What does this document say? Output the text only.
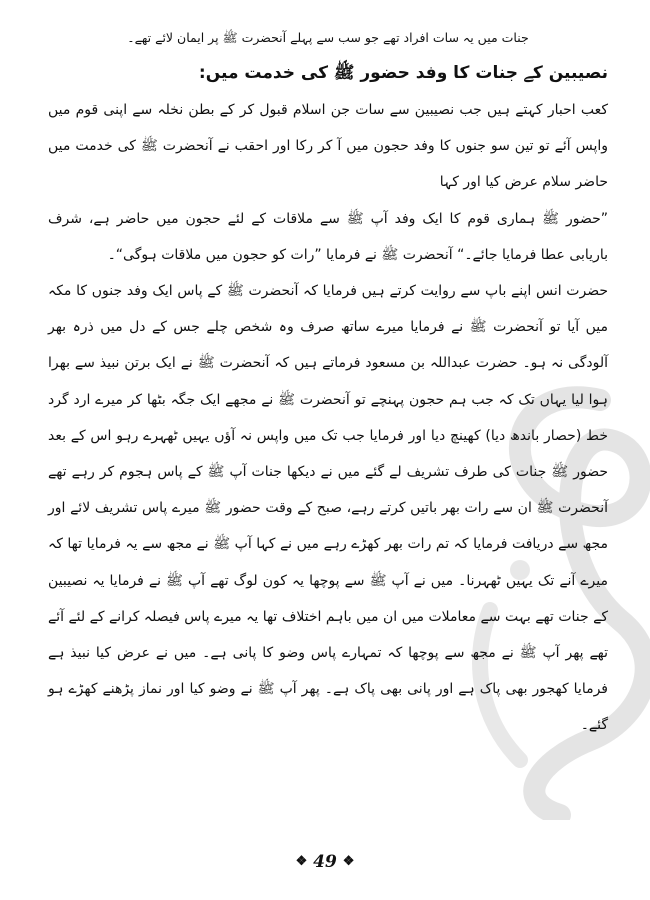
جنات میں یہ سات افراد تھے جو سب سے پہلے آنحضرت ﷺ پر ایمان لائے تھے۔

نصیبین کے جنات کا وفد حضور ﷺ کی خدمت میں:

کعب احبار کہتے ہیں جب نصیبین سے سات جن اسلام قبول کر کے بطن نخلہ سے اپنی قوم میں واپس آئے تو تین سو جنوں کا وفد حجون میں آ کر رکا اور احقب نے آنحضرت ﷺ کی خدمت میں حاضر سلام عرض کیا اور کہا

”حضور ﷺ ہماری قوم کا ایک وفد آپ ﷺ سے ملاقات کے لئے حجون میں حاضر ہے، شرف باریابی عطا فرمایا جائے۔“ آنحضرت ﷺ نے فرمایا ”رات کو حجون میں ملاقات ہوگی“۔

حضرت انس اپنے باپ سے روایت کرتے ہیں فرمایا کہ آنحضرت ﷺ کے پاس ایک وفد جنوں کا مکہ میں آیا تو آنحضرت ﷺ نے فرمایا میرے ساتھ صرف وہ شخص چلے جس کے دل میں ذرہ بھر آلودگی نہ ہو۔ حضرت عبداللہ بن مسعود فرماتے ہیں کہ آنحضرت ﷺ نے ایک برتن نبیذ سے بھرا ہوا لیا یہاں تک کہ جب ہم حجون پہنچے تو آنحضرت ﷺ نے مجھے ایک جگہ بٹھا کر میرے ارد گرد خط (حصار باندھ دیا) کھینچ دیا اور فرمایا جب تک میں واپس نہ آؤں یہیں ٹھہرے رہو اس کے بعد حضور ﷺ جنات کی طرف تشریف لے گئے میں نے دیکھا جنات آپ ﷺ کے پاس ہجوم کر رہے تھے آنحضرت ﷺ ان سے رات بھر باتیں کرتے رہے، صبح کے وقت حضور ﷺ میرے پاس تشریف لائے اور مجھ سے دریافت فرمایا کہ تم رات بھر کھڑے رہے میں نے کہا آپ ﷺ نے مجھ سے یہ فرمایا تھا کہ میرے آنے تک یہیں ٹھہرنا۔ میں نے آپ ﷺ سے پوچھا یہ کون لوگ تھے آپ ﷺ نے فرمایا یہ نصیبین کے جنات تھے بہت سے معاملات میں ان میں باہم اختلاف تھا یہ میرے پاس فیصلہ کرانے کے لئے آئے تھے پھر آپ ﷺ نے مجھ سے پوچھا کہ تمہارے پاس وضو کا پانی ہے۔ میں نے عرض کیا نبیذ ہے فرمایا کھجور بھی پاک ہے اور پانی بھی پاک ہے۔ پھر آپ ﷺ نے وضو کیا اور نماز پڑھنے کھڑے ہو گئے۔

❖ 49 ❖
